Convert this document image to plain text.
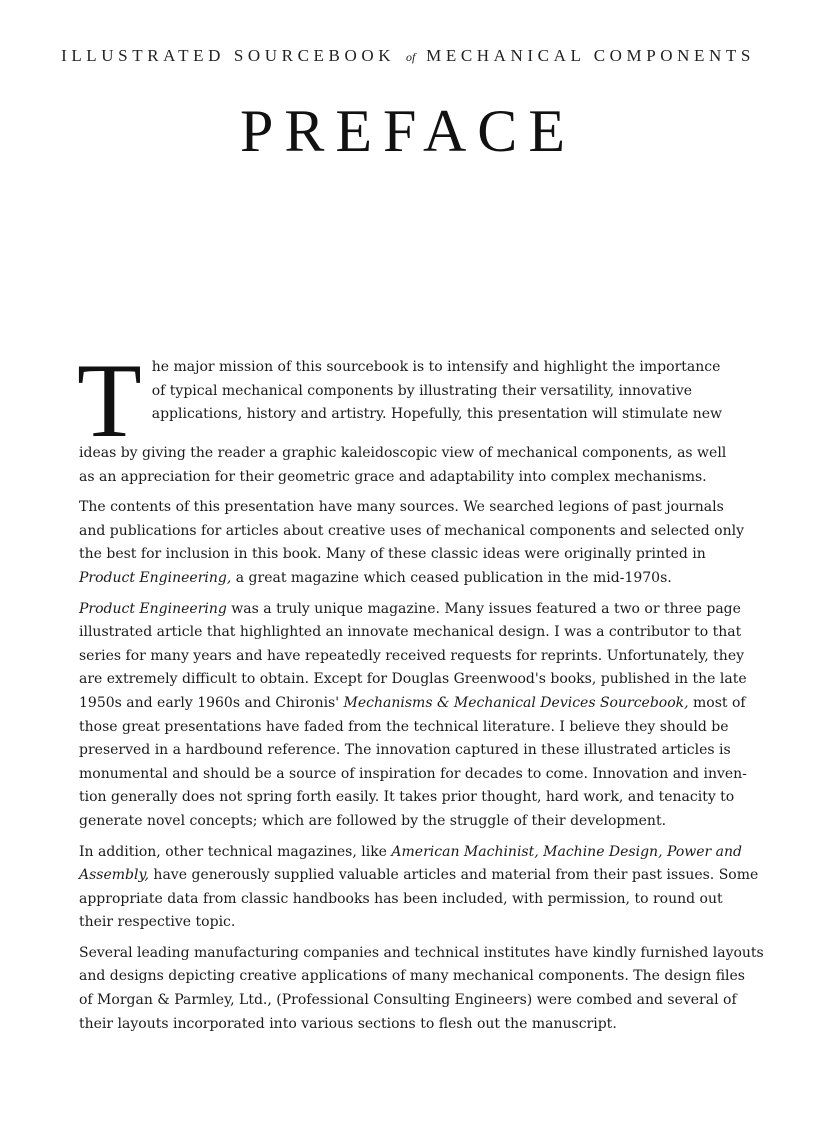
ILLUSTRATED SOURCEBOOK of MECHANICAL COMPONENTS
PREFACE

T he major mission of this sourcebook is to intensify and highlight the importance
of typical mechanical components by illustrating their versatility, innovative
applications, history and artistry. Hopefully, this presentation will stimulate new
ideas by giving the reader a graphic kaleidoscopic view of mechanical components, as well
as an appreciation for their geometric grace and adaptability into complex mechanisms.

The contents of this presentation have many sources. We searched legions of past journals
and publications for articles about creative uses of mechanical components and selected only
the best for inclusion in this book. Many of these classic ideas were originally printed in
Product Engineering, a great magazine which ceased publication in the mid-1970s.

Product Engineering was a truly unique magazine. Many issues featured a two or three page
illustrated article that highlighted an innovate mechanical design. I was a contributor to that
series for many years and have repeatedly received requests for reprints. Unfortunately, they
are extremely difficult to obtain. Except for Douglas Greenwood's books, published in the late
1950s and early 1960s and Chironis' Mechanisms & Mechanical Devices Sourcebook, most of
those great presentations have faded from the technical literature. I believe they should be
preserved in a hardbound reference. The innovation captured in these illustrated articles is
monumental and should be a source of inspiration for decades to come. Innovation and inven-
tion generally does not spring forth easily. It takes prior thought, hard work, and tenacity to
generate novel concepts; which are followed by the struggle of their development.

In addition, other technical magazines, like American Machinist, Machine Design, Power and
Assembly, have generously supplied valuable articles and material from their past issues. Some
appropriate data from classic handbooks has been included, with permission, to round out
their respective topic.

Several leading manufacturing companies and technical institutes have kindly furnished layouts
and designs depicting creative applications of many mechanical components. The design files
of Morgan & Parmley, Ltd., (Professional Consulting Engineers) were combed and several of
their layouts incorporated into various sections to flesh out the manuscript.
